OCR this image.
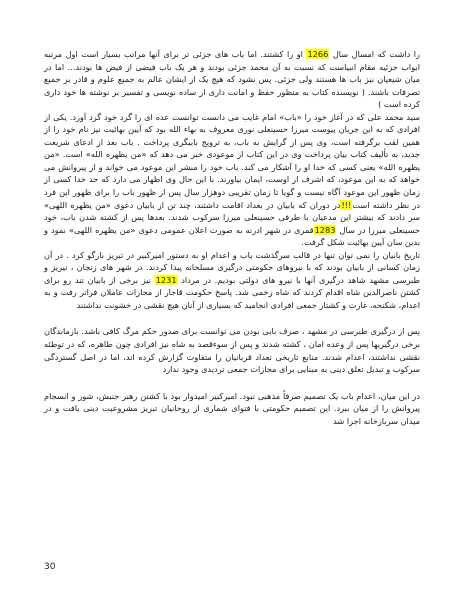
را داشت که امسال سال 1266 او را کشتند. اما باب های جزئی تر برای آنها مراتب بسیار است اول مرتبه ابواب جزئیه مقام انبیاست که نسبت به آن محمد جزئی بودند و هر یک باب فیضی از فیض ها بودند... اما در میان شیعیان نیز باب ها هستند ولی جزئی. پس نشود که هیچ یک از ایشان عالم به جمیع علوم و قادر بر جمیع تصرفات باشند. ( نویسنده کتاب به منظور حفظ و امانت داری از ساده نویسی و تفسیر بر نوشته ها خود داری کرده است )

سید محمد علی که در آغاز خود را «باب» امام غایب می دانست توانست عده ای را گرد خود گرد آورد. یکی از افرادی که به این جریان پیوست میرزا حسینعلی نوری معروف به بهاء الله بود که آیین بهائیت نیز نام خود را از همین لقب برگرفته است، وی پس از گرایش به باب، به ترویج بابیگری پرداخت . باب بعد از ادعای شریعت جدید، به تألیف کتاب بیان پرداخت وی در این کتاب از موعودی خبر می دهد که «من یظهره الله» است. «من یظهره الله» یعنی کسی که خدا او را آشکار می کند. باب خود را مبشر این موعود می خواند و از پیروانش می خواهد که به این موعود، که اشرف از اوست، ایمان بیاورند. با این حال وی اظهار می دارد که حد خدا کسی از زمان ظهور این موعود آگاه نیست و گویا تا زمان تقریبی دوهزار سال پس از ظهور باب را برای ظهور این فرد در نظر داشته است!!!در دوران که بابیان در بغداد اقامت داشتند، چند تن از بابیان دعوی «من یظهره اللهی» سر دادند که بیشتر این مدعیان با طرفی حسینعلی میرزا سرکوب شدند. بعدها پس از کشته شدن باب، خود حسینعلی میرزا در سال 1283قمری در شهر ادرنه به صورت اعلان عمومی دعوی «من یظهره اللهی» نمود و بدین سان آیین بهائیت شکل گرفت.

تاریخ بابیان را نمی توان تنها در قالب سرگذشت باب و اعدام او به دستور امیرکبیر در تبریز بازگو کرد . در آن زمان کسانی از بابیان بودند که با نیروهای حکومتی درگیری مسلحانه پیدا کردند. در شهر های زنجان ، نیریز و طبرسی مشهد شاهد درگیری آنها با نیرو های دولتی بودیم. در مرداد 1231 نیز برخی از بابیان تند رو برای کشتن ناصرالدین شاه اقدام کردند که شاه زخمی شد. پاسخ حکومت قاجار از مجازات عاملان فراتر رفت و به اعدام، شکنجه، غارت و کشتار جمعی افرادی انجامید که بسیاری از آنان هیچ نقشی در خشونت نداشتند

پس از درگیری طبرسی در مشهد ، صرف بابی بودن می توانست برای صدور حکم مرگ کافی باشد. بازماندگان برخی درگیریها پس از وعده امان ، کشته شدند و پس از سوءقصد به شاه نیز افرادی چون طاهره، که در توطئه نقشی نداشتند، اعدام شدند. منابع تاریخی تعداد قربانیان را متفاوت گزارش کرده اند، اما در اصل گستردگی سرکوب و تبدیل تعلق دینی به مبنایی برای مجازات جمعی تردیدی وجود ندارد

در این میان، اعدام باب یک تصمیم صرفاً مذهبی نبود. امیرکبیر امیدوار بود با کشتن رهبر جنبش، شور و انسجام پیروانش را از میان ببرد. این تصمیم حکومتی با فتوای شماری از روحانیان تبریز مشروعیت دینی یافت و در میدان سربازخانه اجرا شد

30
